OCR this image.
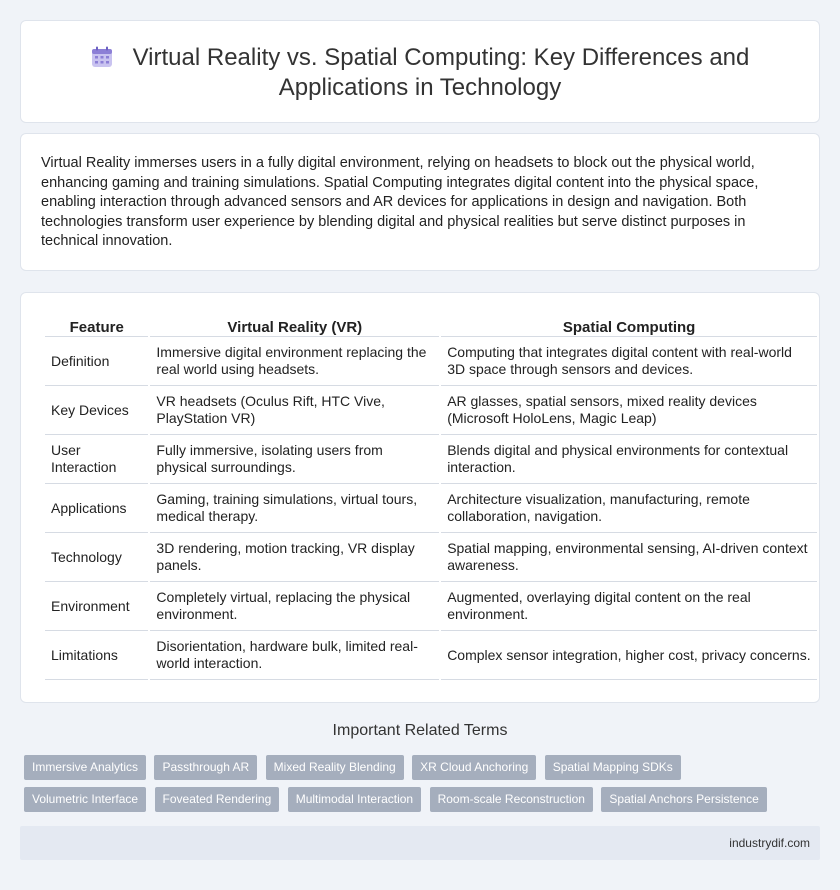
Virtual Reality vs. Spatial Computing: Key Differences and
Applications in Technology

Virtual Reality immerses users in a fully digital environment, relying on headsets to block out the physical world, enhancing gaming and training simulations. Spatial Computing integrates digital content into the physical space, enabling interaction through advanced sensors and AR devices for applications in design and navigation. Both technologies transform user experience by blending digital and physical realities but serve distinct purposes in technical innovation.

Feature	Virtual Reality (VR)	Spatial Computing
Definition	Immersive digital environment replacing the real world using headsets.	Computing that integrates digital content with real-world 3D space through sensors and devices.
Key Devices	VR headsets (Oculus Rift, HTC Vive, PlayStation VR)	AR glasses, spatial sensors, mixed reality devices (Microsoft HoloLens, Magic Leap)
User Interaction	Fully immersive, isolating users from physical surroundings.	Blends digital and physical environments for contextual interaction.
Applications	Gaming, training simulations, virtual tours, medical therapy.	Architecture visualization, manufacturing, remote collaboration, navigation.
Technology	3D rendering, motion tracking, VR display panels.	Spatial mapping, environmental sensing, AI-driven context awareness.
Environment	Completely virtual, replacing the physical environment.	Augmented, overlaying digital content on the real environment.
Limitations	Disorientation, hardware bulk, limited real-world interaction.	Complex sensor integration, higher cost, privacy concerns.
Important Related Terms
Immersive Analytics Passthrough AR Mixed Reality Blending XR Cloud Anchoring Spatial Mapping SDKs Volumetric Interface Foveated Rendering Multimodal Interaction Room-scale Reconstruction Spatial Anchors Persistence
industrydif.com
